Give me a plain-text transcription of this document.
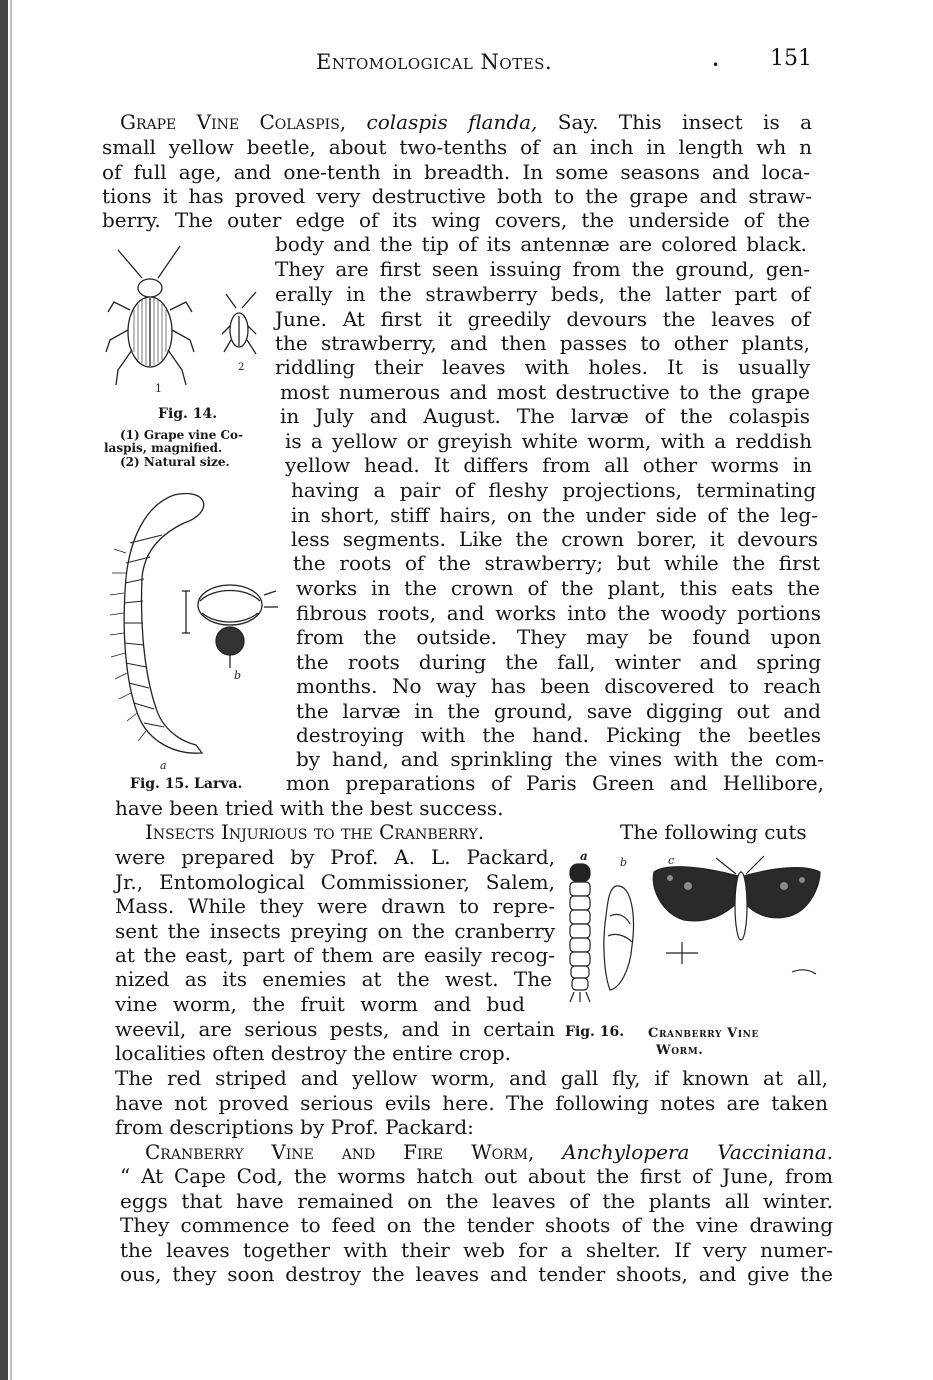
Entomological Notes.	• 151
Grape Vine Colaspis, colaspis flanda, Say. This insect is a
small yellow beetle, about two-tenths of an inch in length wh n
of full age, and one-tenth in breadth. In some seasons and loca-
tions it has proved very destructive both to the grape and straw-
berry. The outer edge of its wing covers, the underside of the
body and the tip of its antennæ are colored black.
They are first seen issuing from the ground, gen-
erally in the strawberry beds, the latter part of
June. At first it greedily devours the leaves of
the strawberry, and then passes to other plants,
riddling their leaves with holes. It is usually
most numerous and most destructive to the grape
in July and August. The larvæ of the colaspis
is a yellow or greyish white worm, with a reddish
yellow head. It differs from all other worms in
having a pair of fleshy projections, terminating
in short, stiff hairs, on the under side of the leg-
less segments. Like the crown borer, it devours
the roots of the strawberry; but while the first
works in the crown of the plant, this eats the
fibrous roots, and works into the woody portions
from the outside. They may be found upon
the roots during the fall, winter and spring
months. No way has been discovered to reach
the larvæ in the ground, save digging out and
destroying with the hand. Picking the beetles
by hand, and sprinkling the vines with the com-
mon preparations of Paris Green and Hellibore,
have been tried with the best success.
Insects Injurious to the Cranberry.	The following cuts
were prepared by Prof. A. L. Packard,
Jr., Entomological Commissioner, Salem,
Mass. While they were drawn to repre-
sent the insects preying on the cranberry
at the east, part of them are easily recog-
nized as its enemies at the west. The
vine worm, the fruit worm and bud
weevil, are serious pests, and in certain
localities often destroy the entire crop.
The red striped and yellow worm, and gall fly, if known at all,
have not proved serious evils here. The following notes are taken
from descriptions by Prof. Packard:
Cranberry Vine and Fire Worm, Anchylopera Vacciniana.
“ At Cape Cod, the worms hatch out about the first of June, from
eggs that have remained on the leaves of the plants all winter.
They commence to feed on the tender shoots of the vine drawing
the leaves together with their web for a shelter. If very numer-
ous, they soon destroy the leaves and tender shoots, and give the
1
2
Fig. 14.
(1) Grape vine Co-
laspis, magnified.
(2) Natural size.
b
a
Fig. 15. Larva.
a	b	c
Fig. 16. Cranberry Vine
Worm.
